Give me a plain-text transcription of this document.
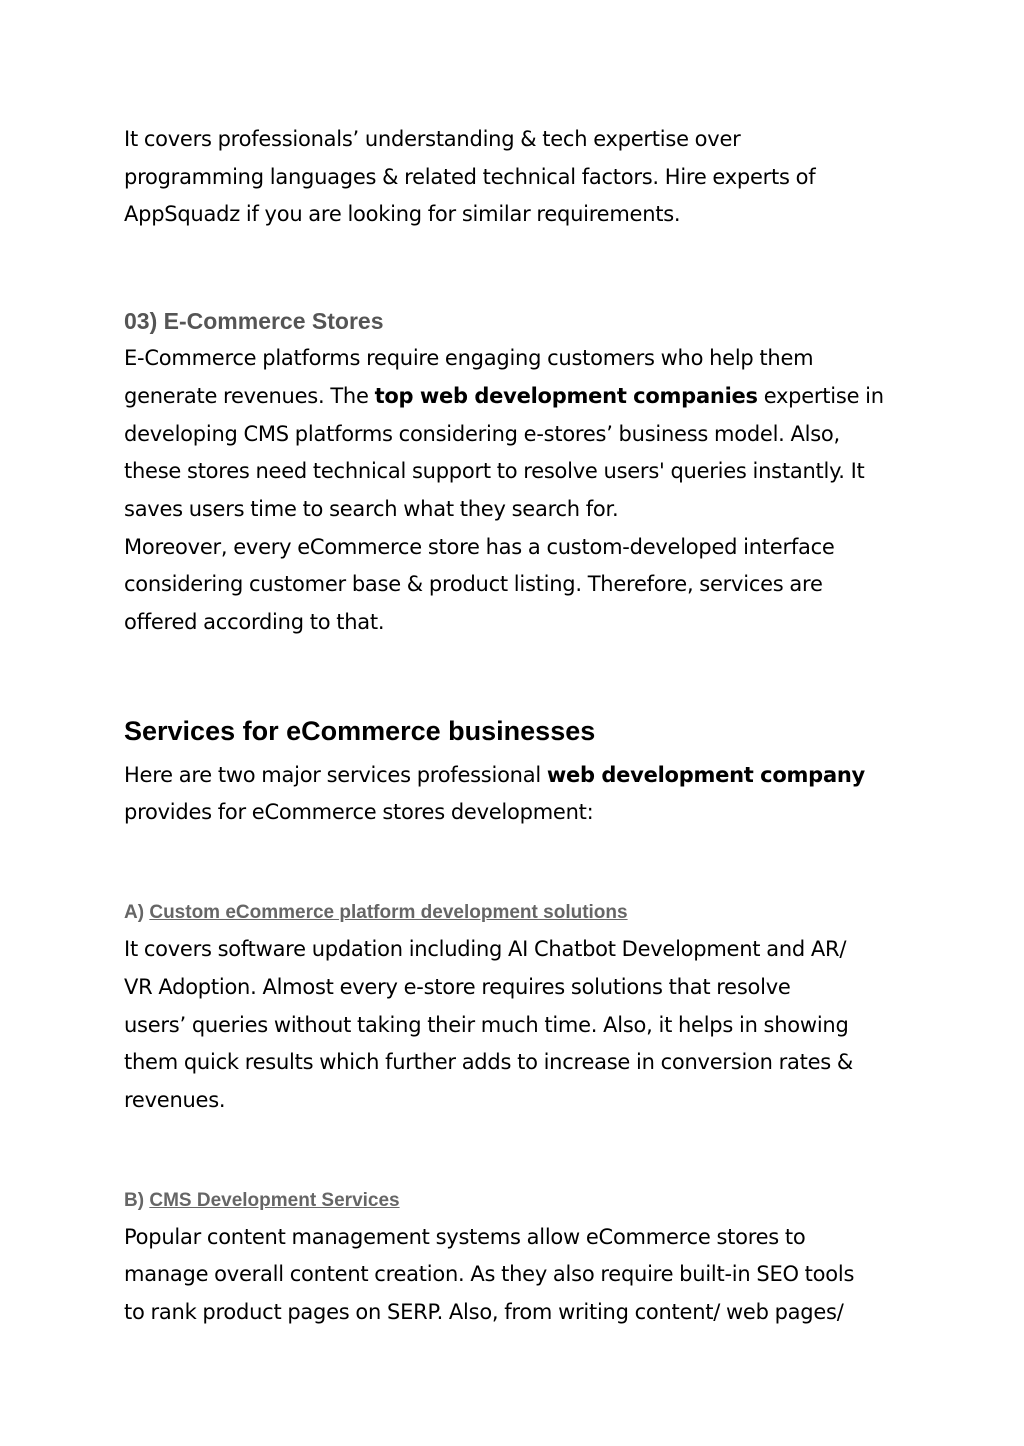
It covers professionals’ understanding & tech expertise over
programming languages & related technical factors. Hire experts of
AppSquadz if you are looking for similar requirements.

03) E-Commerce Stores

E-Commerce platforms require engaging customers who help them
generate revenues. The top web development companies expertise in
developing CMS platforms considering e-stores’ business model. Also,
these stores need technical support to resolve users' queries instantly. It
saves users time to search what they search for.

Moreover, every eCommerce store has a custom-developed interface
considering customer base & product listing. Therefore, services are
offered according to that.

Services for eCommerce businesses

Here are two major services professional web development company
provides for eCommerce stores development:

A) Custom eCommerce platform development solutions

It covers software updation including AI Chatbot Development and AR/
VR Adoption. Almost every e-store requires solutions that resolve
users’ queries without taking their much time. Also, it helps in showing
them quick results which further adds to increase in conversion rates &
revenues.

B) CMS Development Services

Popular content management systems allow eCommerce stores to
manage overall content creation. As they also require built-in SEO tools
to rank product pages on SERP. Also, from writing content/ web pages/
